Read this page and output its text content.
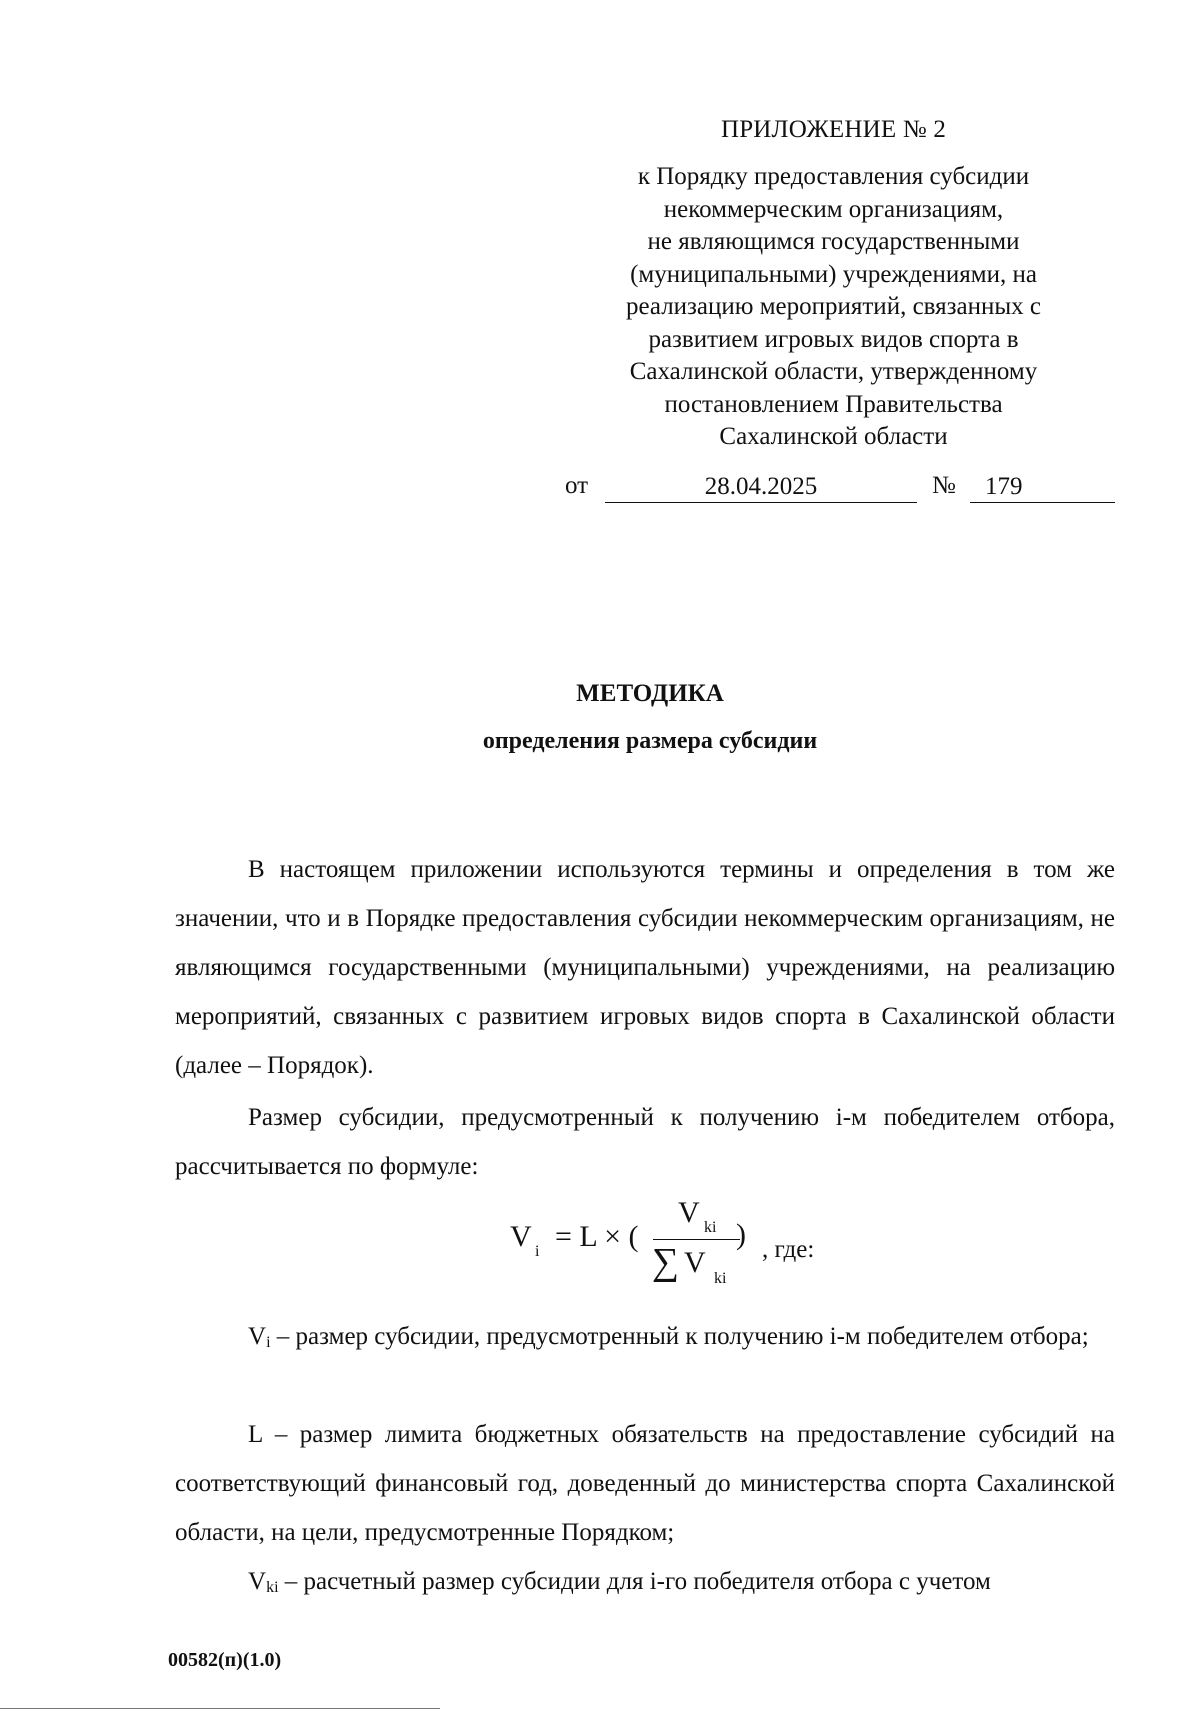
ПРИЛОЖЕНИЕ № 2
к Порядку предоставления субсидии
некоммерческим организациям,
не являющимся государственными
(муниципальными) учреждениями, на
реализацию мероприятий, связанных с
развитием игровых видов спорта в
Сахалинской области, утвержденному
постановлением Правительства
Сахалинской области
от	28.04.2025	№	179
МЕТОДИКА
определения размера субсидии

В настоящем приложении используются термины и определения в том же значении, что и в Порядке предоставления субсидии некоммерческим организациям, не являющимся государственными (муниципальными) учреждениями, на реализацию мероприятий, связанных с развитием игровых видов спорта в Сахалинской области (далее – Порядок).

Размер субсидии, предусмотренный к получению i-м победителем отбора, рассчитывается по формуле:

V i = L × (
V ki )
∑ V ki
, где:

Vi – размер субсидии, предусмотренный к получению i-м победителем отбора;

L – размер лимита бюджетных обязательств на предоставление субсидий на соответствующий финансовый год, доведенный до министерства спорта Сахалинской области, на цели, предусмотренные Порядком;

Vki – расчетный размер субсидии для i-го победителя отбора с учетом

00582(п)(1.0)
